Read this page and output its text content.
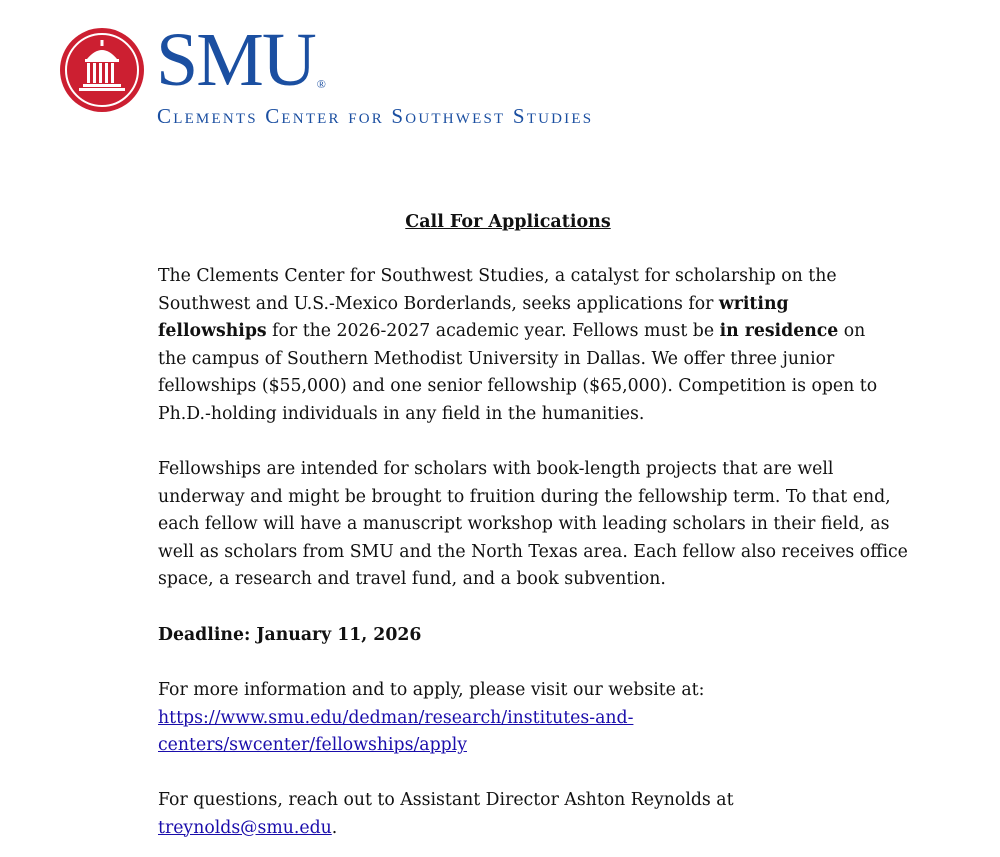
SMU ®
Clements Center for Southwest Studies
Call For Applications
The Clements Center for Southwest Studies, a catalyst for scholarship on the
Southwest and U.S.-Mexico Borderlands, seeks applications for writing
fellowships for the 2026-2027 academic year. Fellows must be in residence on
the campus of Southern Methodist University in Dallas. We offer three junior
fellowships ($55,000) and one senior fellowship ($65,000). Competition is open to
Ph.D.-holding individuals in any field in the humanities.
Fellowships are intended for scholars with book-length projects that are well
underway and might be brought to fruition during the fellowship term. To that end,
each fellow will have a manuscript workshop with leading scholars in their field, as
well as scholars from SMU and the North Texas area. Each fellow also receives office
space, a research and travel fund, and a book subvention.
Deadline: January 11, 2026
For more information and to apply, please visit our website at:
https://www.smu.edu/dedman/research/institutes-and-
centers/swcenter/fellowships/apply
For questions, reach out to Assistant Director Ashton Reynolds at
treynolds@smu.edu.
